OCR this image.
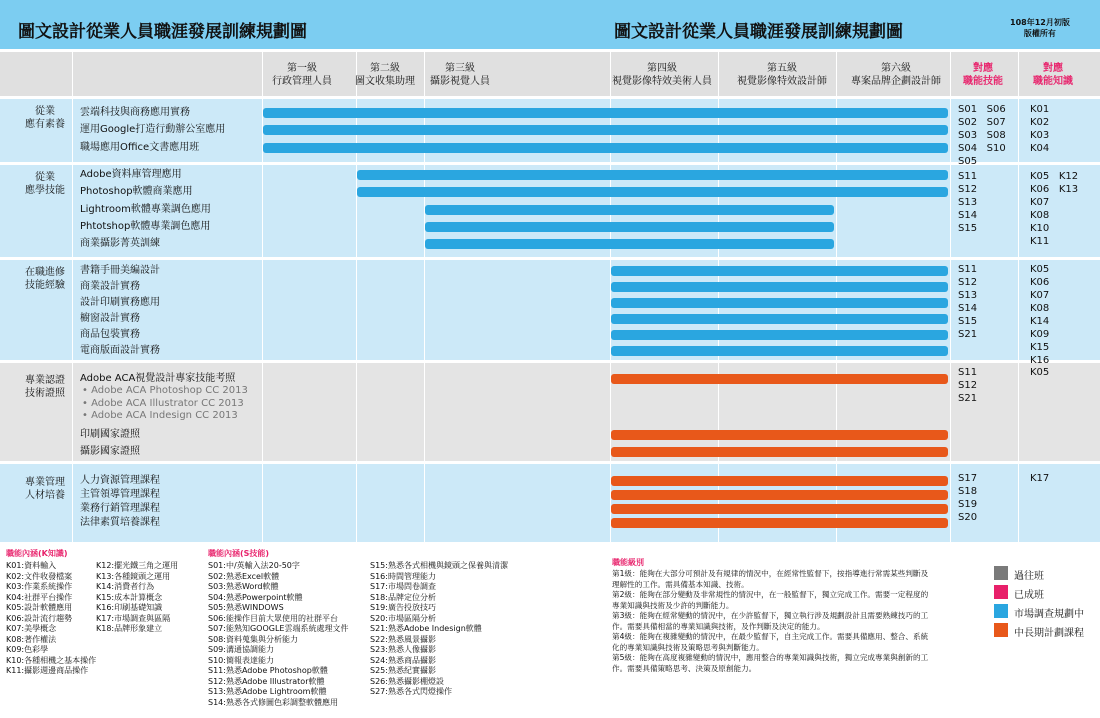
圖文設計從業人員職涯發展訓練規劃圖	圖文設計從業人員職涯發展訓練規劃圖	108年12月初版
版權所有
第一級
行政管理人員
第二級
圖文收集助理
第三級
攝影視覺人員
第四級
視覺影像特效美術人員
第五級
視覺影像特效設計師
第六級
專案品牌企劃設計師
對應
職能技能
對應
職能知識
從業
應有素養
雲端科技與商務應用實務
運用Google打造行動辦公室應用
職場應用Office文書應用班
S01   S06
S02   S07
S03   S08
S04   S10
S05
K01
K02
K03
K04
從業
應學技能
Adobe資料庫管理應用
Photoshop軟體商業應用
Lightroom軟體專業調色應用
Phtotshop軟體專業調色應用
商業攝影菁英訓練
S11
S12
S13
S14
S15
K05   K12
K06   K13
K07
K08
K10
K11
在職進修
技能經驗
書籍手冊美編設計
商業設計實務
設計印刷實務應用
櫥窗設計實務
商品包裝實務
電商版面設計實務
S11
S12
S13
S14
S15
S21
K05
K06
K07
K08
K14
K09
K15
K16
專業認證
技術證照
Adobe ACA視覺設計專家技能考照
印刷國家證照
攝影國家證照
• Adobe ACA Photoshop CC 2013
• Adobe ACA Illustrator CC 2013
• Adobe ACA Indesign CC 2013
S11
S12
S21
K05
專業管理
人材培養
人力資源管理課程
主管領導管理課程
業務行銷管理課程
法律素質培養課程
S17
S18
S19
S20
K17
職能內涵(K知識)
K01:資料輸入
K02:文件收發檔案
K03:作業系統操作
K04:社群平台操作
K05:設計軟體應用
K06:設計流行趨勢
K07:美學概念
K08:著作權法
K09:色彩學
K10:各種相機之基本操作
K11:攝影週邊商品操作
K12:擺光鐵三角之運用
K13:各種鏡頭之運用
K14:消費者行為
K15:成本計算概念
K16:印刷基礎知識
K17:市場調查與區隔
K18:品牌形象建立
職能內涵(S技能)
S01:中/英輸入法20-50字
S02:熟悉Excel軟體
S03:熟悉Word軟體
S04:熟悉Powerpoint軟體
S05:熟悉WINDOWS
S06:能操作目前大眾使用的社群平台
S07:能熟知GOOGLE雲端系統處理文件
S08:資料蒐集與分析能力
S09:溝通協調能力
S10:簡報表達能力
S11:熟悉Adobe Photoshop軟體
S12:熟悉Adobe Illustrator軟體
S13:熟悉Adobe Lightroom軟體
S14:熟悉各式修圖色彩調整軟體應用
S15:熟悉各式相機與鏡頭之保養與清潔
S16:時間管理能力
S17:市場問卷調查
S18:品牌定位分析
S19:廣告投放技巧
S20:市場區隔分析
S21:熟悉Adobe Indesign軟體
S22:熟悉風景攝影
S23:熟悉人像攝影
S24:熟悉商品攝影
S25:熟悉紀實攝影
S26:熟悉攝影棚燈設
S27:熟悉各式閃燈操作
職能級別
第1級：能夠在大部分可預計及有規律的情況中，在經常性監督下，按指導進行常需某些判斷及
理解性的工作。需具備基本知識、技術。
第2級：能夠在部分變動及非常規性的情況中，在一般監督下，獨立完成工作。需要一定程度的
專業知識與技術及少許的判斷能力。
第3級：能夠在經常變動的情況中，在少許監督下，獨立執行涉及規劃設計且需要熟練技巧的工
作。需要具備相當的專業知識與技術，及作判斷及決定的能力。
第4級：能夠在複雜變動的情況中，在最少監督下，自主完成工作。需要具備應用、整合、系統
化的專業知識與技術及策略思考與判斷能力。
第5級：能夠在高度複雜變動的情況中，應用整合的專業知識與技術，獨立完成專業與創新的工
作。需要具備策略思考、決策及原創能力。
過往班
已成班
市場調查規劃中
中長期計劃課程
